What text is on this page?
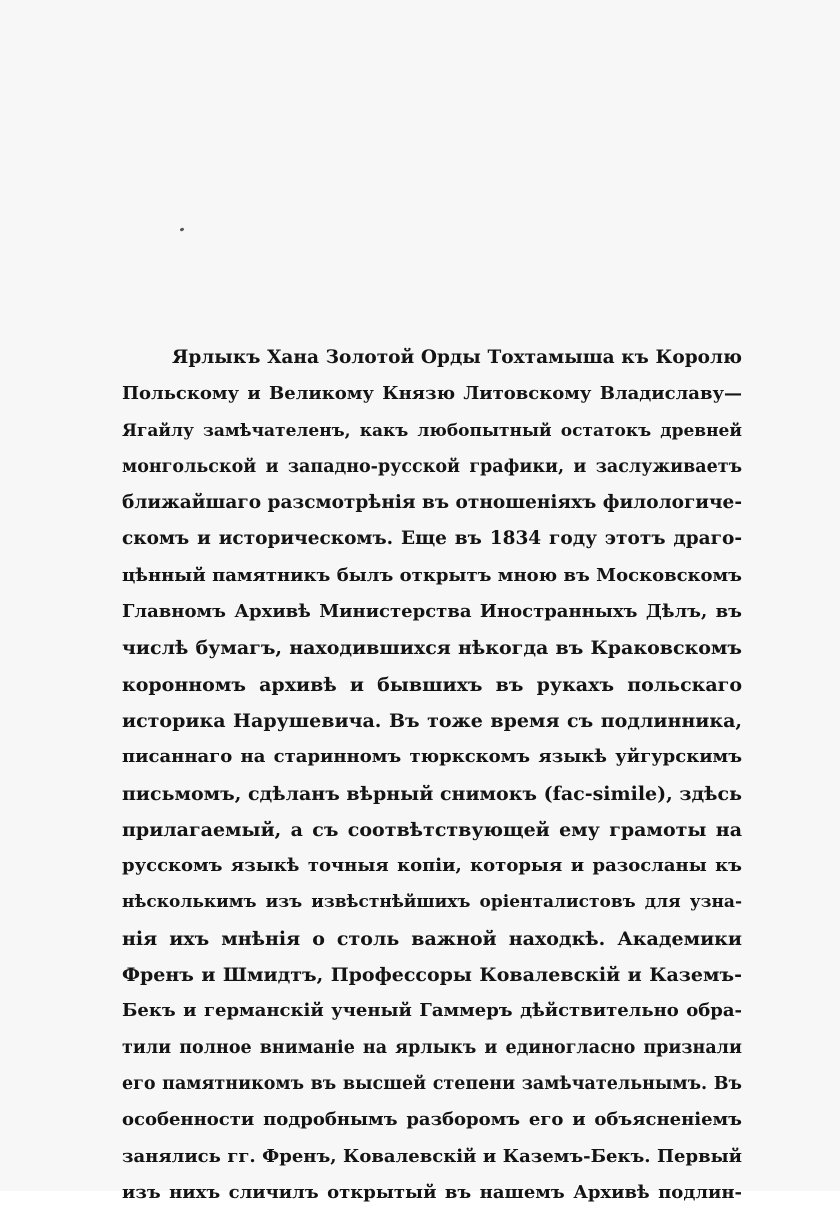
Ярлыкъ Хана Золотой Орды Тохтамыша къ Королю
Польскому и Великому Князю Литовскому Владиславу—
Ягайлу замѣчателенъ, какъ любопытный остатокъ древней
монгольской и западно-русской графики, и заслуживаетъ
ближайшаго разсмотрѣнія въ отношеніяхъ филологиче-
скомъ и историческомъ. Еще въ 1834 году этотъ драго-
цѣнный памятникъ былъ открытъ мною въ Московскомъ
Главномъ Архивѣ Министерства Иностранныхъ Дѣлъ, въ
числѣ бумагъ, находившихся нѣкогда въ Краковскомъ
коронномъ архивѣ и бывшихъ въ рукахъ польскаго
историка Нарушевича. Въ тоже время съ подлинника,
писаннаго на старинномъ тюркскомъ языкѣ уйгурскимъ
письмомъ, сдѣланъ вѣрный снимокъ (fac-simile), здѣсь
прилагаемый, а съ соотвѣтствующей ему грамоты на
русскомъ языкѣ точныя копіи, которыя и разосланы къ
нѣсколькимъ изъ извѣстнѣйшихъ оріенталистовъ для узна-
нія ихъ мнѣнія о столь важной находкѣ. Академики
Френъ и Шмидтъ, Профессоры Ковалевскій и Каземъ-
Бекъ и германскій ученый Гаммеръ дѣйствительно обра-
тили полное вниманіе на ярлыкъ и единогласно признали
его памятникомъ въ высшей степени замѣчательнымъ. Въ
особенности подробнымъ разборомъ его и объясненіемъ
занялись гг. Френъ, Ковалевскій и Каземъ-Бекъ. Первый
изъ нихъ сличилъ открытый въ нашемъ Архивѣ подлин-
